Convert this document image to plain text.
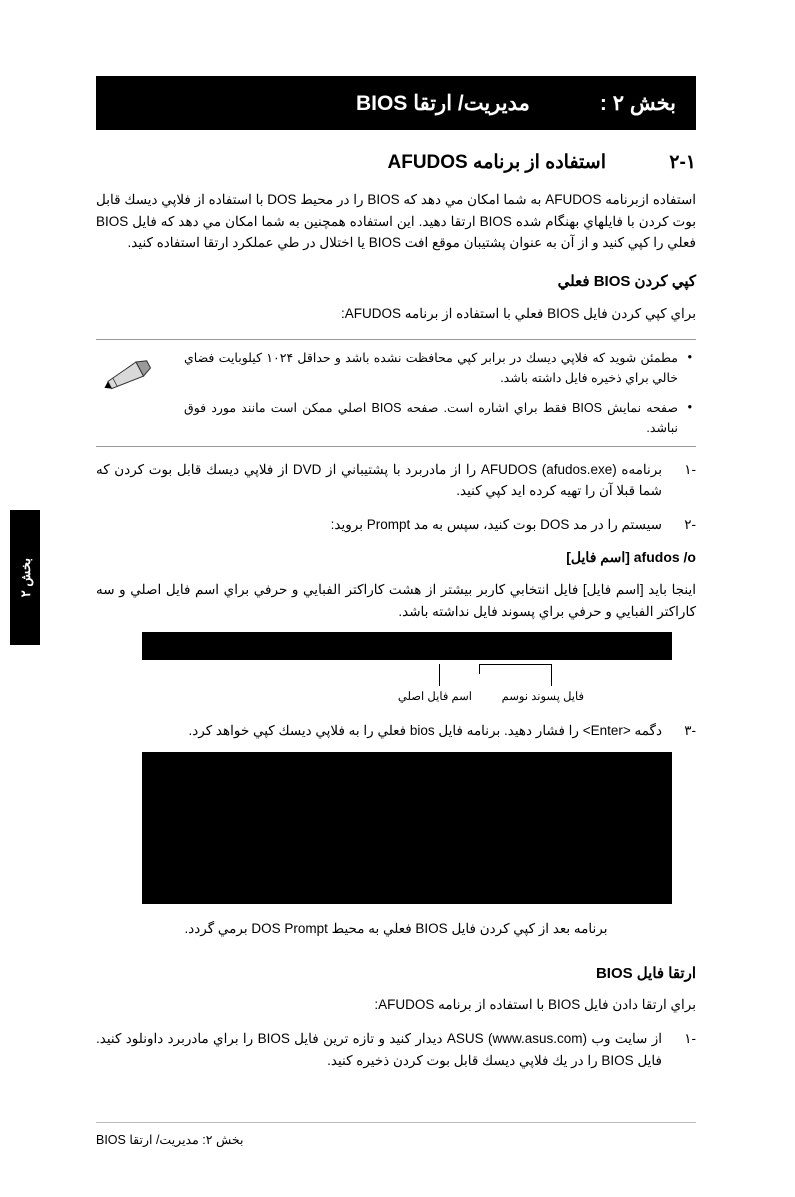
بخش ۲ :
مديريت/ ارتقا BIOS
بخش ۲
۲-۱
استفاده از برنامه AFUDOS

استفاده ازبرنامه AFUDOS به شما امكان مي دهد كه BIOS را در محيط DOS با استفاده از فلاپي ديسك قابل بوت كردن با فايلهاي بهنگام شده BIOS ارتقا دهيد. اين استفاده همچنين به شما امكان مي دهد كه فايل BIOS فعلي را كپي كنيد و از آن به عنوان پشتيبان موقع افت BIOS يا اختلال در طي عملكرد ارتقا استفاده كنيد.

كپي كردن BIOS فعلي

براي كپي كردن فايل BIOS فعلي با استفاده از برنامه AFUDOS:

• مطمئن شويد كه فلاپي ديسك در برابر كپي محافظت نشده باشد و حداقل ۱۰۲۴ كيلوبايت فضاي خالي براي ذخيره فايل داشته باشد.
• صفحه نمايش BIOS فقط براي اشاره است. صفحه BIOS اصلي ممكن است مانند مورد فوق نباشد.
-۱
برنامه‌ه AFUDOS (afudos.exe) را از مادربرد با پشتيباني از DVD از فلاپي ديسك قابل بوت كردن كه شما قبلا آن را تهيه كرده ايد كپي كنيد.
-۲
سيستم را در مد DOS بوت كنيد، سپس به مد Prompt برويد:
afudos /o [اسم فايل]

اينجا بايد [اسم فايل] فايل انتخابي كاربر بيشتر از هشت كاراكتر الفبايي و حرفي براي اسم فايل اصلي و سه كاراكتر الفبايي و حرفي براي پسوند فايل نداشته باشد.

فايل پسوند نوسم
اسم فايل اصلي
-۳
دگمه <Enter> را فشار دهيد. برنامه فايل bios فعلي را به فلاپي ديسك كپي خواهد كرد.

برنامه بعد از كپي كردن فايل BIOS فعلي به محيط DOS Prompt برمي گردد.

ارتقا فايل BIOS

براي ارتقا دادن فايل BIOS با استفاده از برنامه AFUDOS:

-۱
از سايت وب ASUS (www.asus.com) ديدار كنيد و تازه ترين فايل BIOS را براي مادربرد داونلود كنيد. فايل BIOS را در يك فلاپي ديسك قابل بوت كردن ذخيره كنيد.
بخش ۲: مديريت/ ارتقا BIOS
